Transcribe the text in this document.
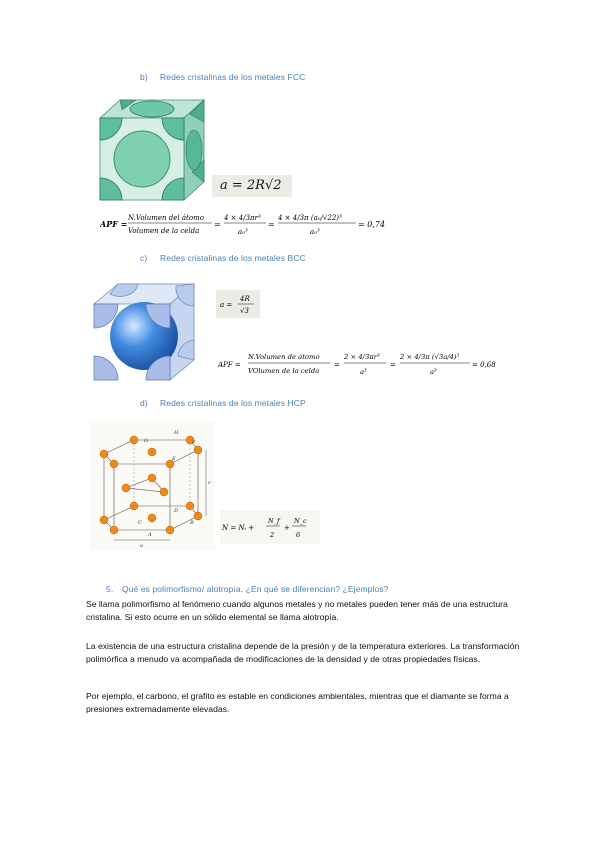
b) Redes cristalinas de los metales FCC
a = 2R√2
APF =
N.Volumen del átomo
Volumen de la celda
=
4 × 4/3πr³
a₀³
=
4 × 4/3π (a₀/√22)³
a₀³
= 0,74
c) Redes cristalinas de los metales BCC
a =
4R
√3
APF =
N.Volumen de átomo
VOlumen de la celda
=
2 × 4/3πr³
a³
=
2 × 4/3π (√3a/4)³
a³
= 0,68
d) Redes cristalinas de los metales HCP
H
G	F
E
D
C	B
A
c
a
N = Nᵢ +
N_f
2
+
N_c
6
5. Qué es polimorfismo/ alotropía. ¿En qué se diferencian? ¿Ejemplos?

Se llama polimorfismo al fenómeno cuando algunos metales y no metales pueden tener más de una estructura cristalina. Si esto ocurre en un sólido elemental se llama alotropía.

La existencia de una estructura cristalina depende de la presión y de la temperatura exteriores. La transformación polimórfica a menudo va acompañada de modificaciones de la densidad y de otras propiedades físicas.

Por ejemplo, el carbono, el grafito es estable en condiciones ambientales, mientras que el diamante se forma a presiones extremadamente elevadas.
